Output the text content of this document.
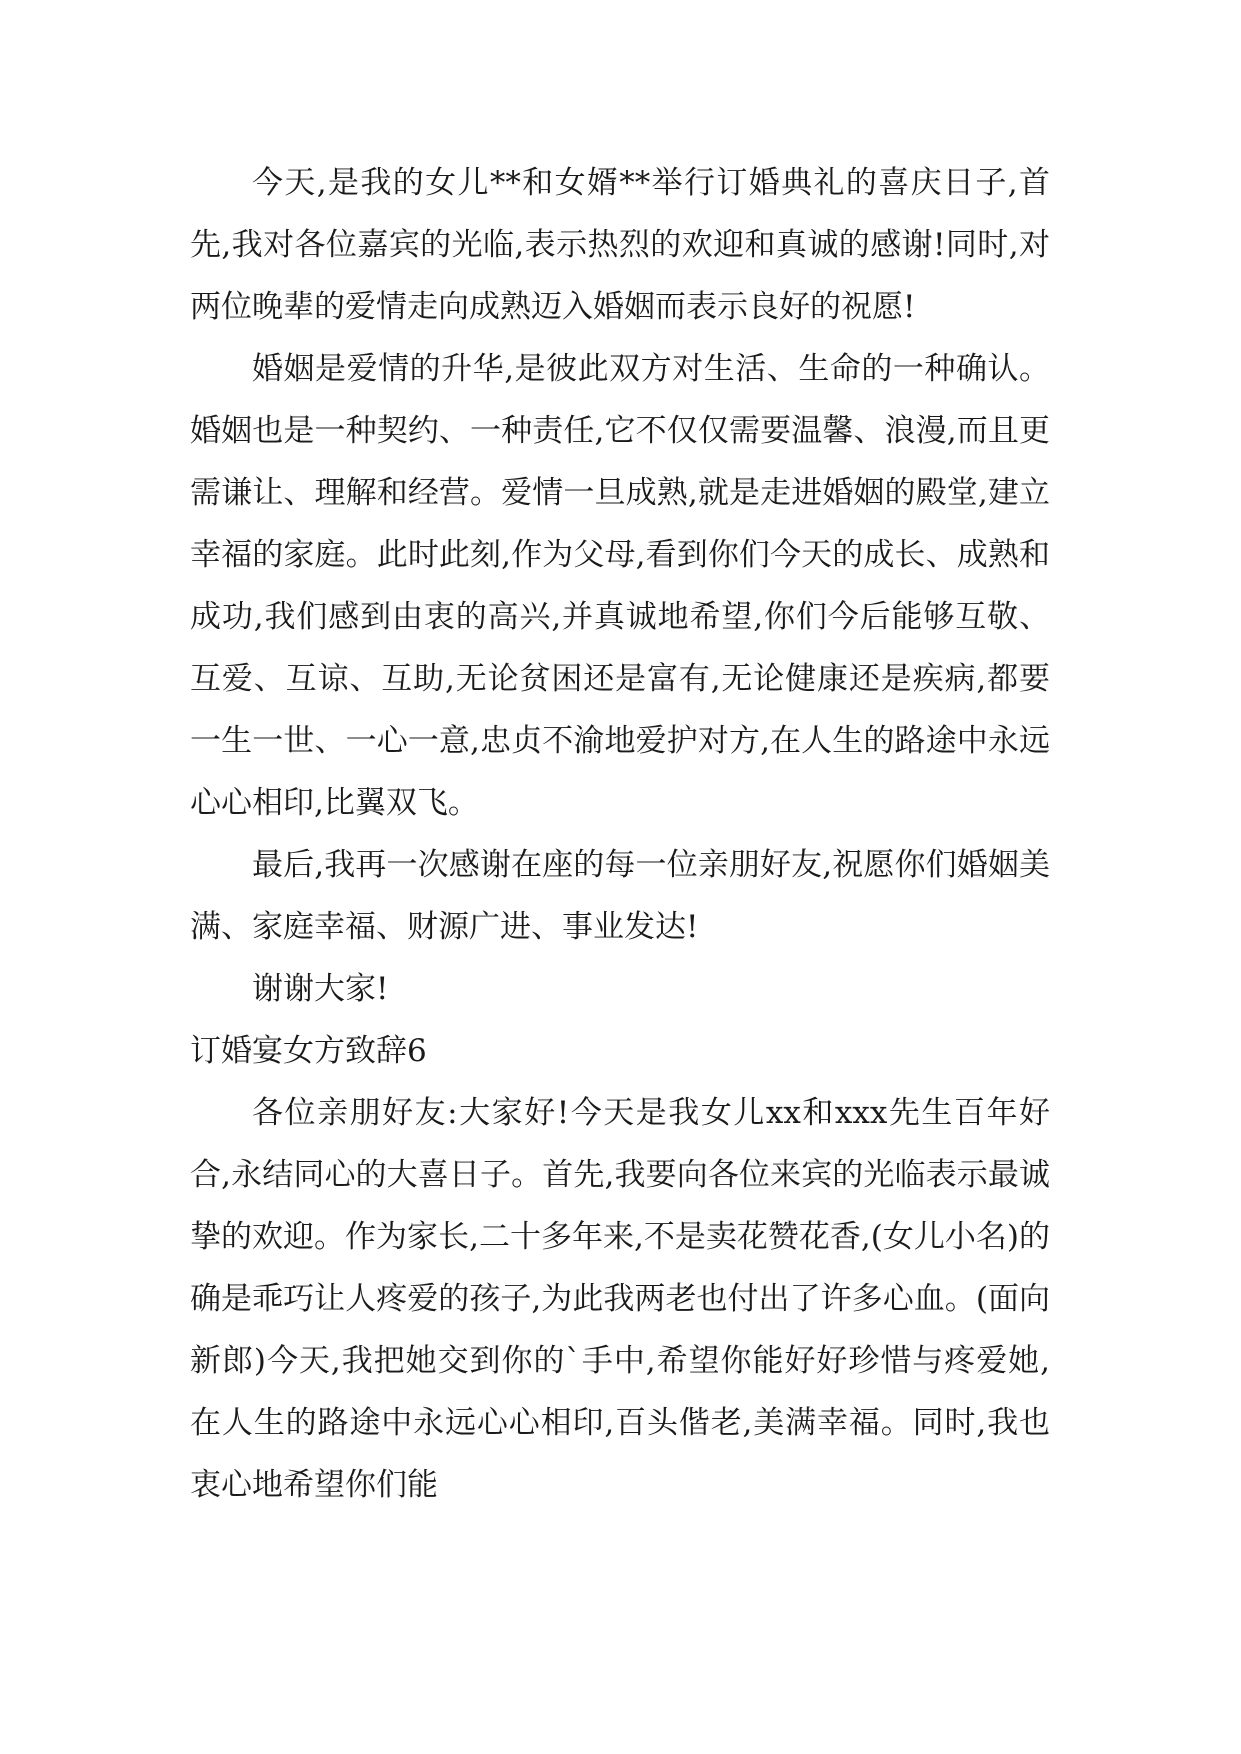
今天,是我的女儿**和女婿**举行订婚典礼的喜庆日子,首先,我对各位嘉宾的光临,表示热烈的欢迎和真诚的感谢!同时,对两位晚辈的爱情走向成熟迈入婚姻而表示良好的祝愿!

婚姻是爱情的升华,是彼此双方对生活、生命的一种确认。婚姻也是一种契约、一种责任,它不仅仅需要温馨、浪漫,而且更需谦让、理解和经营。爱情一旦成熟,就是走进婚姻的殿堂,建立幸福的家庭。此时此刻,作为父母,看到你们今天的成长、成熟和成功,我们感到由衷的高兴,并真诚地希望,你们今后能够互敬、互爱、互谅、互助,无论贫困还是富有,无论健康还是疾病,都要一生一世、一心一意,忠贞不渝地爱护对方,在人生的路途中永远心心相印,比翼双飞。

最后,我再一次感谢在座的每一位亲朋好友,祝愿你们婚姻美满、家庭幸福、财源广进、事业发达!

谢谢大家!

订婚宴女方致辞6

各位亲朋好友:大家好!今天是我女儿xx和xxx先生百年好合,永结同心的大喜日子。首先,我要向各位来宾的光临表示最诚挚的欢迎。作为家长,二十多年来,不是卖花赞花香,(女儿小名)的确是乖巧让人疼爱的孩子,为此我两老也付出了许多心血。(面向新郎)今天,我把她交到你的`手中,希望你能好好珍惜与疼爱她,在人生的路途中永远心心相印,百头偕老,美满幸福。同时,我也衷心地希望你们能
